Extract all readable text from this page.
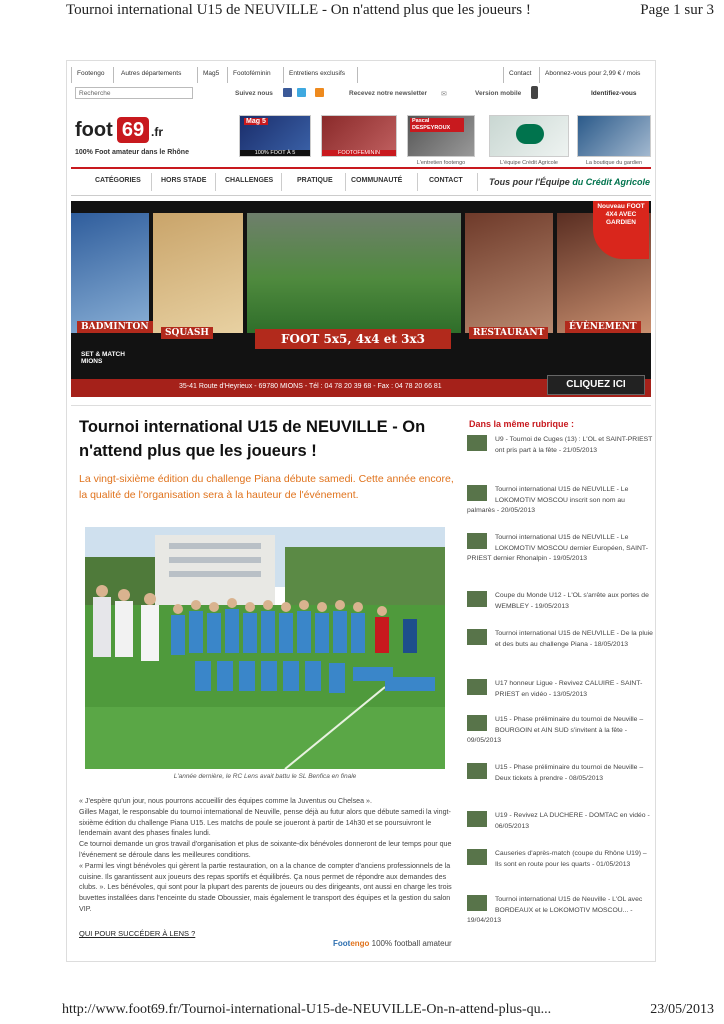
Tournoi international U15 de NEUVILLE - On n'attend plus que les joueurs !	Page 1 sur 3
Footengo	Autres départements	Mag5 Footoféminin	Entretiens exclusifs	Contact Abonnez-vous pour 2,99 € / mois
Recherche	Suivez nous	Recevez notre newsletter ✉	Version mobile	Identifiez-vous
foot 69 .fr
100% Foot amateur dans le Rhône
Mag 5
100% FOOT À 5	FOOTOFEMININ
Pascal DESPEYROUX
L'entretien footengo	L'équipe Crédit Agricole	La boutique du gardien
CATÉGORIES	HORS STADE	CHALLENGES	PRATIQUE	COMMUNAUTÉ	CONTACT	Tous pour l'Équipe du Crédit Agricole
BADMINTON
SQUASH	FOOT 5x5, 4x4 et 3x3	RESTAURANT
ÉVÈNEMENT
Nouveau FOOT 4X4 AVEC GARDIEN
SET & MATCH MIONS
35-41 Route d'Heyrieux - 69780 MIONS - Tél : 04 78 20 39 68 - Fax : 04 78 20 66 81	CLIQUEZ ICI
Tournoi international U15 de NEUVILLE - On n'attend plus que les joueurs !
La vingt-sixième édition du challenge Piana débute samedi. Cette année encore, la qualité de l'organisation sera à la hauteur de l'événement.
L'année dernière, le RC Lens avait battu le SL Benfica en finale

« J'espère qu'un jour, nous pourrons accueillir des équipes comme la Juventus ou Chelsea ».

Gilles Magat, le responsable du tournoi international de Neuville, pense déjà au futur alors que débute samedi la vingt-sixième édition du challenge Piana U15. Les matchs de poule se joueront à partir de 14h30 et se poursuivront le lendemain avant des phases finales lundi.

Ce tournoi demande un gros travail d'organisation et plus de soixante-dix bénévoles donneront de leur temps pour que l'événement se déroule dans les meilleures conditions.

« Parmi les vingt bénévoles qui gèrent la partie restauration, on a la chance de compter d'anciens professionnels de la cuisine. Ils garantissent aux joueurs des repas sportifs et équilibrés. Ça nous permet de répondre aux demandes des clubs. ». Les bénévoles, qui sont pour la plupart des parents de joueurs ou des dirigeants, ont aussi en charge les trois buvettes installées dans l'enceinte du stade Oboussier, mais également le transport des équipes et la gestion du salon VIP.

QUI POUR SUCCÉDER À LENS ?
Footengo 100% football amateur
Dans la même rubrique :
U9 - Tournoi de Cuges (13) : L'OL et SAINT-PRIEST ont pris part à la fête - 21/05/2013
Tournoi international U15 de NEUVILLE - Le LOKOMOTIV MOSCOU inscrit son nom au palmarès - 20/05/2013
Tournoi international U15 de NEUVILLE - Le LOKOMOTIV MOSCOU dernier Européen, SAINT-PRIEST dernier Rhonalpin - 19/05/2013
Coupe du Monde U12 - L'OL s'arrête aux portes de WEMBLEY - 19/05/2013
Tournoi international U15 de NEUVILLE - De la pluie et des buts au challenge Piana - 18/05/2013
U17 honneur Ligue - Revivez CALUIRE - SAINT-PRIEST en vidéo - 13/05/2013
U15 - Phase préliminaire du tournoi de Neuville – BOURGOIN et AIN SUD s'invitent à la fête - 09/05/2013
U15 - Phase préliminaire du tournoi de Neuville – Deux tickets à prendre - 08/05/2013
U19 - Revivez LA DUCHERE - DOMTAC en vidéo - 06/05/2013
Causeries d'après-match (coupe du Rhône U19) – Ils sont en route pour les quarts - 01/05/2013
Tournoi international U15 de Neuville - L'OL avec BORDEAUX et le LOKOMOTIV MOSCOU... - 19/04/2013
http://www.foot69.fr/Tournoi-international-U15-de-NEUVILLE-On-n-attend-plus-qu...	23/05/2013
